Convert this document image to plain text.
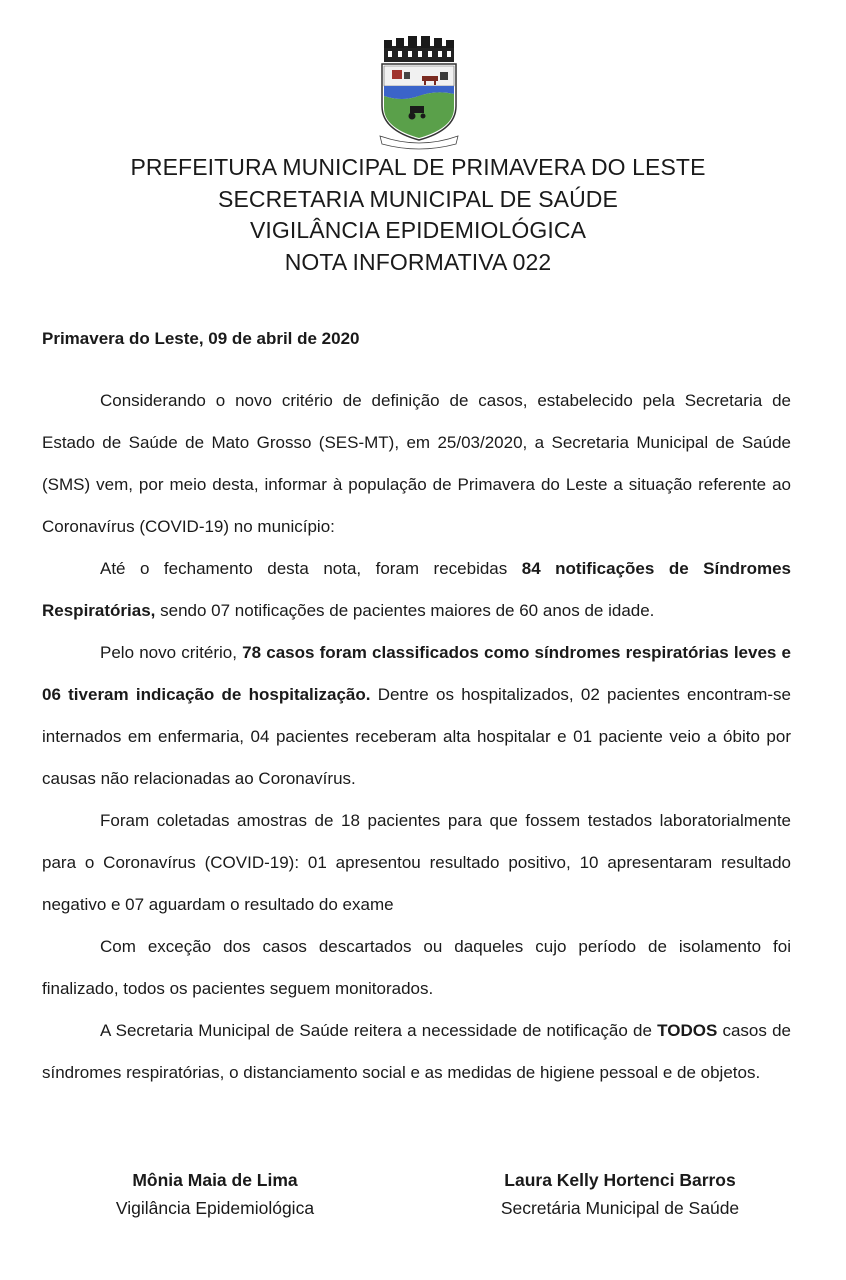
PREFEITURA MUNICIPAL DE PRIMAVERA DO LESTE
SECRETARIA MUNICIPAL DE SAÚDE
VIGILÂNCIA EPIDEMIOLÓGICA
NOTA INFORMATIVA 022
Primavera do Leste, 09 de abril de 2020

Considerando o novo critério de definição de casos, estabelecido pela Secretaria de Estado de Saúde de Mato Grosso (SES-MT), em 25/03/2020, a Secretaria Municipal de Saúde (SMS) vem, por meio desta, informar à população de Primavera do Leste a situação referente ao Coronavírus (COVID-19) no município:

Até o fechamento desta nota, foram recebidas 84 notificações de Síndromes Respiratórias, sendo 07 notificações de pacientes maiores de 60 anos de idade.

Pelo novo critério, 78 casos foram classificados como síndromes respiratórias leves e 06 tiveram indicação de hospitalização. Dentre os hospitalizados, 02 pacientes encontram-se internados em enfermaria, 04 pacientes receberam alta hospitalar e 01 paciente veio a óbito por causas não relacionadas ao Coronavírus.

Foram coletadas amostras de 18 pacientes para que fossem testados laboratorialmente para o Coronavírus (COVID-19): 01 apresentou resultado positivo, 10 apresentaram resultado negativo e 07 aguardam o resultado do exame

Com exceção dos casos descartados ou daqueles cujo período de isolamento foi finalizado, todos os pacientes seguem monitorados.

A Secretaria Municipal de Saúde reitera a necessidade de notificação de TODOS casos de síndromes respiratórias, o distanciamento social e as medidas de higiene pessoal e de objetos.

Mônia Maia de Lima
Vigilância Epidemiológica
Laura Kelly Hortenci Barros
Secretária Municipal de Saúde
